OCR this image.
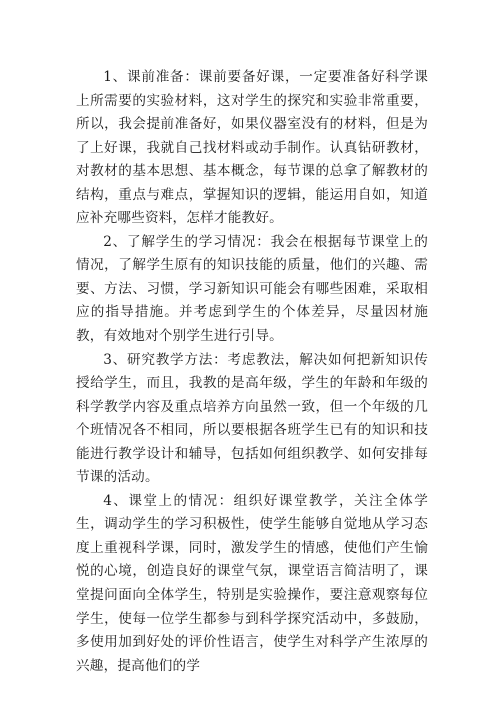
1、课前准备：课前要备好课，一定要准备好科学课上所需要的实验材料，这对学生的探究和实验非常重要，所以，我会提前准备好，如果仪器室没有的材料，但是为了上好课，我就自己找材料或动手制作。认真钻研教材，对教材的基本思想、基本概念，每节课的总拿了解教材的结构，重点与难点，掌握知识的逻辑，能运用自如，知道应补充哪些资料，怎样才能教好。

2、了解学生的学习情况：我会在根据每节课堂上的情况，了解学生原有的知识技能的质量，他们的兴趣、需要、方法、习惯，学习新知识可能会有哪些困难，采取相应的指导措施。并考虑到学生的个体差异，尽量因材施教，有效地对个别学生进行引导。

3、研究教学方法：考虑教法，解决如何把新知识传授给学生，而且，我教的是高年级，学生的年龄和年级的科学教学内容及重点培养方向虽然一致，但一个年级的几个班情况各不相同，所以要根据各班学生已有的知识和技能进行教学设计和辅导，包括如何组织教学、如何安排每节课的活动。

4、课堂上的情况：组织好课堂教学，关注全体学生，调动学生的学习积极性，使学生能够自觉地从学习态度上重视科学课，同时，激发学生的情感，使他们产生愉悦的心境，创造良好的课堂气氛，课堂语言简洁明了，课堂提问面向全体学生，特别是实验操作，要注意观察每位学生，使每一位学生都参与到科学探究活动中，多鼓励，多使用加到好处的评价性语言，使学生对科学产生浓厚的兴趣，提高他们的学
